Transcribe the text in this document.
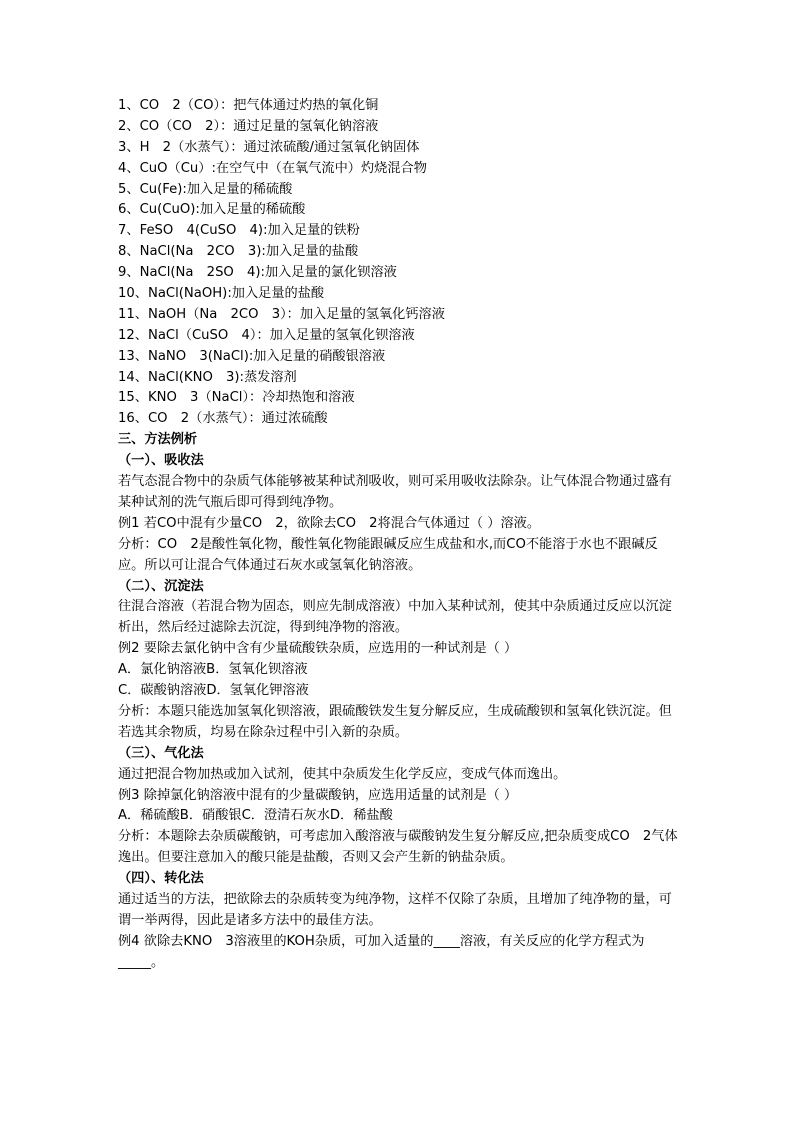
1、CO　2（CO）：把气体通过灼热的氧化铜
2、CO（CO　2）：通过足量的氢氧化钠溶液
3、H　2（水蒸气）：通过浓硫酸/通过氢氧化钠固体
4、CuO（Cu）:在空气中（在氧气流中）灼烧混合物
5、Cu(Fe):加入足量的稀硫酸
6、Cu(CuO):加入足量的稀硫酸
7、FeSO　4(CuSO　4):加入足量的铁粉
8、NaCl(Na　2CO　3):加入足量的盐酸
9、NaCl(Na　2SO　4):加入足量的氯化钡溶液
10、NaCl(NaOH):加入足量的盐酸
11、NaOH（Na　2CO　3）：加入足量的氢氧化钙溶液
12、NaCl（CuSO　4）：加入足量的氢氧化钡溶液
13、NaNO　3(NaCl):加入足量的硝酸银溶液
14、NaCl(KNO　3):蒸发溶剂
15、KNO　3（NaCl）：冷却热饱和溶液
16、CO　2（水蒸气）：通过浓硫酸
三、方法例析
（一）、吸收法
若气态混合物中的杂质气体能够被某种试剂吸收，则可采用吸收法除杂。让气体混合物通过盛有某种试剂的洗气瓶后即可得到纯净物。
例1 若CO中混有少量CO　2，欲除去CO　2将混合气体通过（ ）溶液。
分析：CO　2是酸性氧化物，酸性氧化物能跟碱反应生成盐和水,而CO不能溶于水也不跟碱反应。所以可让混合气体通过石灰水或氢氧化钠溶液。
（二）、沉淀法
往混合溶液（若混合物为固态，则应先制成溶液）中加入某种试剂，使其中杂质通过反应以沉淀析出，然后经过滤除去沉淀，得到纯净物的溶液。
例2 要除去氯化钠中含有少量硫酸铁杂质，应选用的一种试剂是（ ）
A．氯化钠溶液B．氢氧化钡溶液
C．碳酸钠溶液D．氢氧化钾溶液
分析：本题只能选加氢氧化钡溶液，跟硫酸铁发生复分解反应，生成硫酸钡和氢氧化铁沉淀。但若选其余物质，均易在除杂过程中引入新的杂质。
（三）、气化法
通过把混合物加热或加入试剂，使其中杂质发生化学反应，变成气体而逸出。
例3 除掉氯化钠溶液中混有的少量碳酸钠，应选用适量的试剂是（ ）
A．稀硫酸B．硝酸银C．澄清石灰水D．稀盐酸
分析：本题除去杂质碳酸钠，可考虑加入酸溶液与碳酸钠发生复分解反应,把杂质变成CO　2气体逸出。但要注意加入的酸只能是盐酸，否则又会产生新的钠盐杂质。
（四）、转化法
通过适当的方法，把欲除去的杂质转变为纯净物，这样不仅除了杂质，且增加了纯净物的量，可谓一举两得，因此是诸多方法中的最佳方法。
例4 欲除去KNO　3溶液里的KOH杂质，可加入适量的____溶液，有关反应的化学方程式为_____。
